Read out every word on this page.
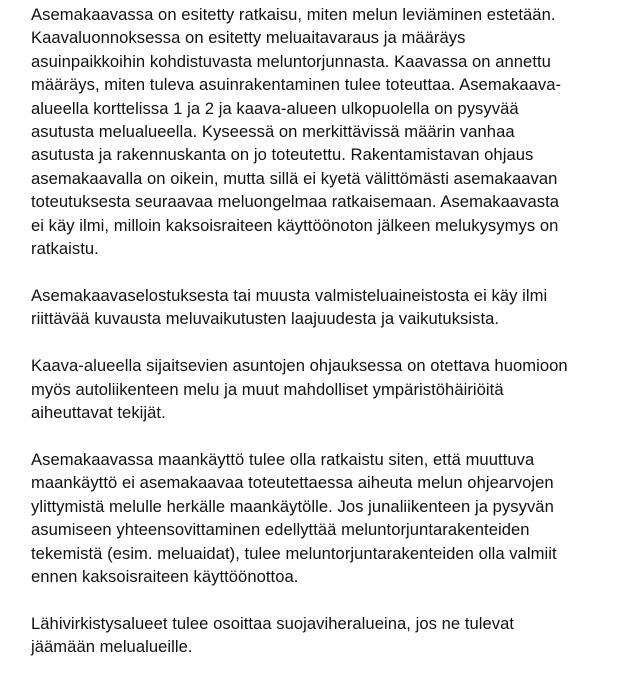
Asemakaavassa on esitetty ratkaisu, miten melun leviäminen estetään.
Kaavaluonnoksessa on esitetty meluaitavaraus ja määräys
asuinpaikkoihin kohdistuvasta meluntorjunnasta. Kaavassa on annettu
määräys, miten tuleva asuinrakentaminen tulee toteuttaa. Asemakaava-
alueella korttelissa 1 ja 2 ja kaava-alueen ulkopuolella on pysyvää
asutusta melualueella. Kyseessä on merkittävissä määrin vanhaa
asutusta ja rakennuskanta on jo toteutettu. Rakentamistavan ohjaus
asemakaavalla on oikein, mutta sillä ei kyetä välittömästi asemakaavan
toteutuksesta seuraavaa meluongelmaa ratkaisemaan. Asemakaavasta
ei käy ilmi, milloin kaksoisraiteen käyttöönoton jälkeen melukysymys on
ratkaistu.

Asemakaavaselostuksesta tai muusta valmisteluaineistosta ei käy ilmi
riittävää kuvausta meluvaikutusten laajuudesta ja vaikutuksista.

Kaava-alueella sijaitsevien asuntojen ohjauksessa on otettava huomioon
myös autoliikenteen melu ja muut mahdolliset ympäristöhäiriöitä
aiheuttavat tekijät.

Asemakaavassa maankäyttö tulee olla ratkaistu siten, että muuttuva
maankäyttö ei asemakaavaa toteutettaessa aiheuta melun ohjearvojen
ylittymistä melulle herkälle maankäytölle. Jos junaliikenteen ja pysyvän
asumiseen yhteensovittaminen edellyttää meluntorjuntarakenteiden
tekemistä (esim. meluaidat), tulee meluntorjuntarakenteiden olla valmiit
ennen kaksoisraiteen käyttöönottoa.

Lähivirkistysalueet tulee osoittaa suojaviheralueina, jos ne tulevat
jäämään melualueille.
